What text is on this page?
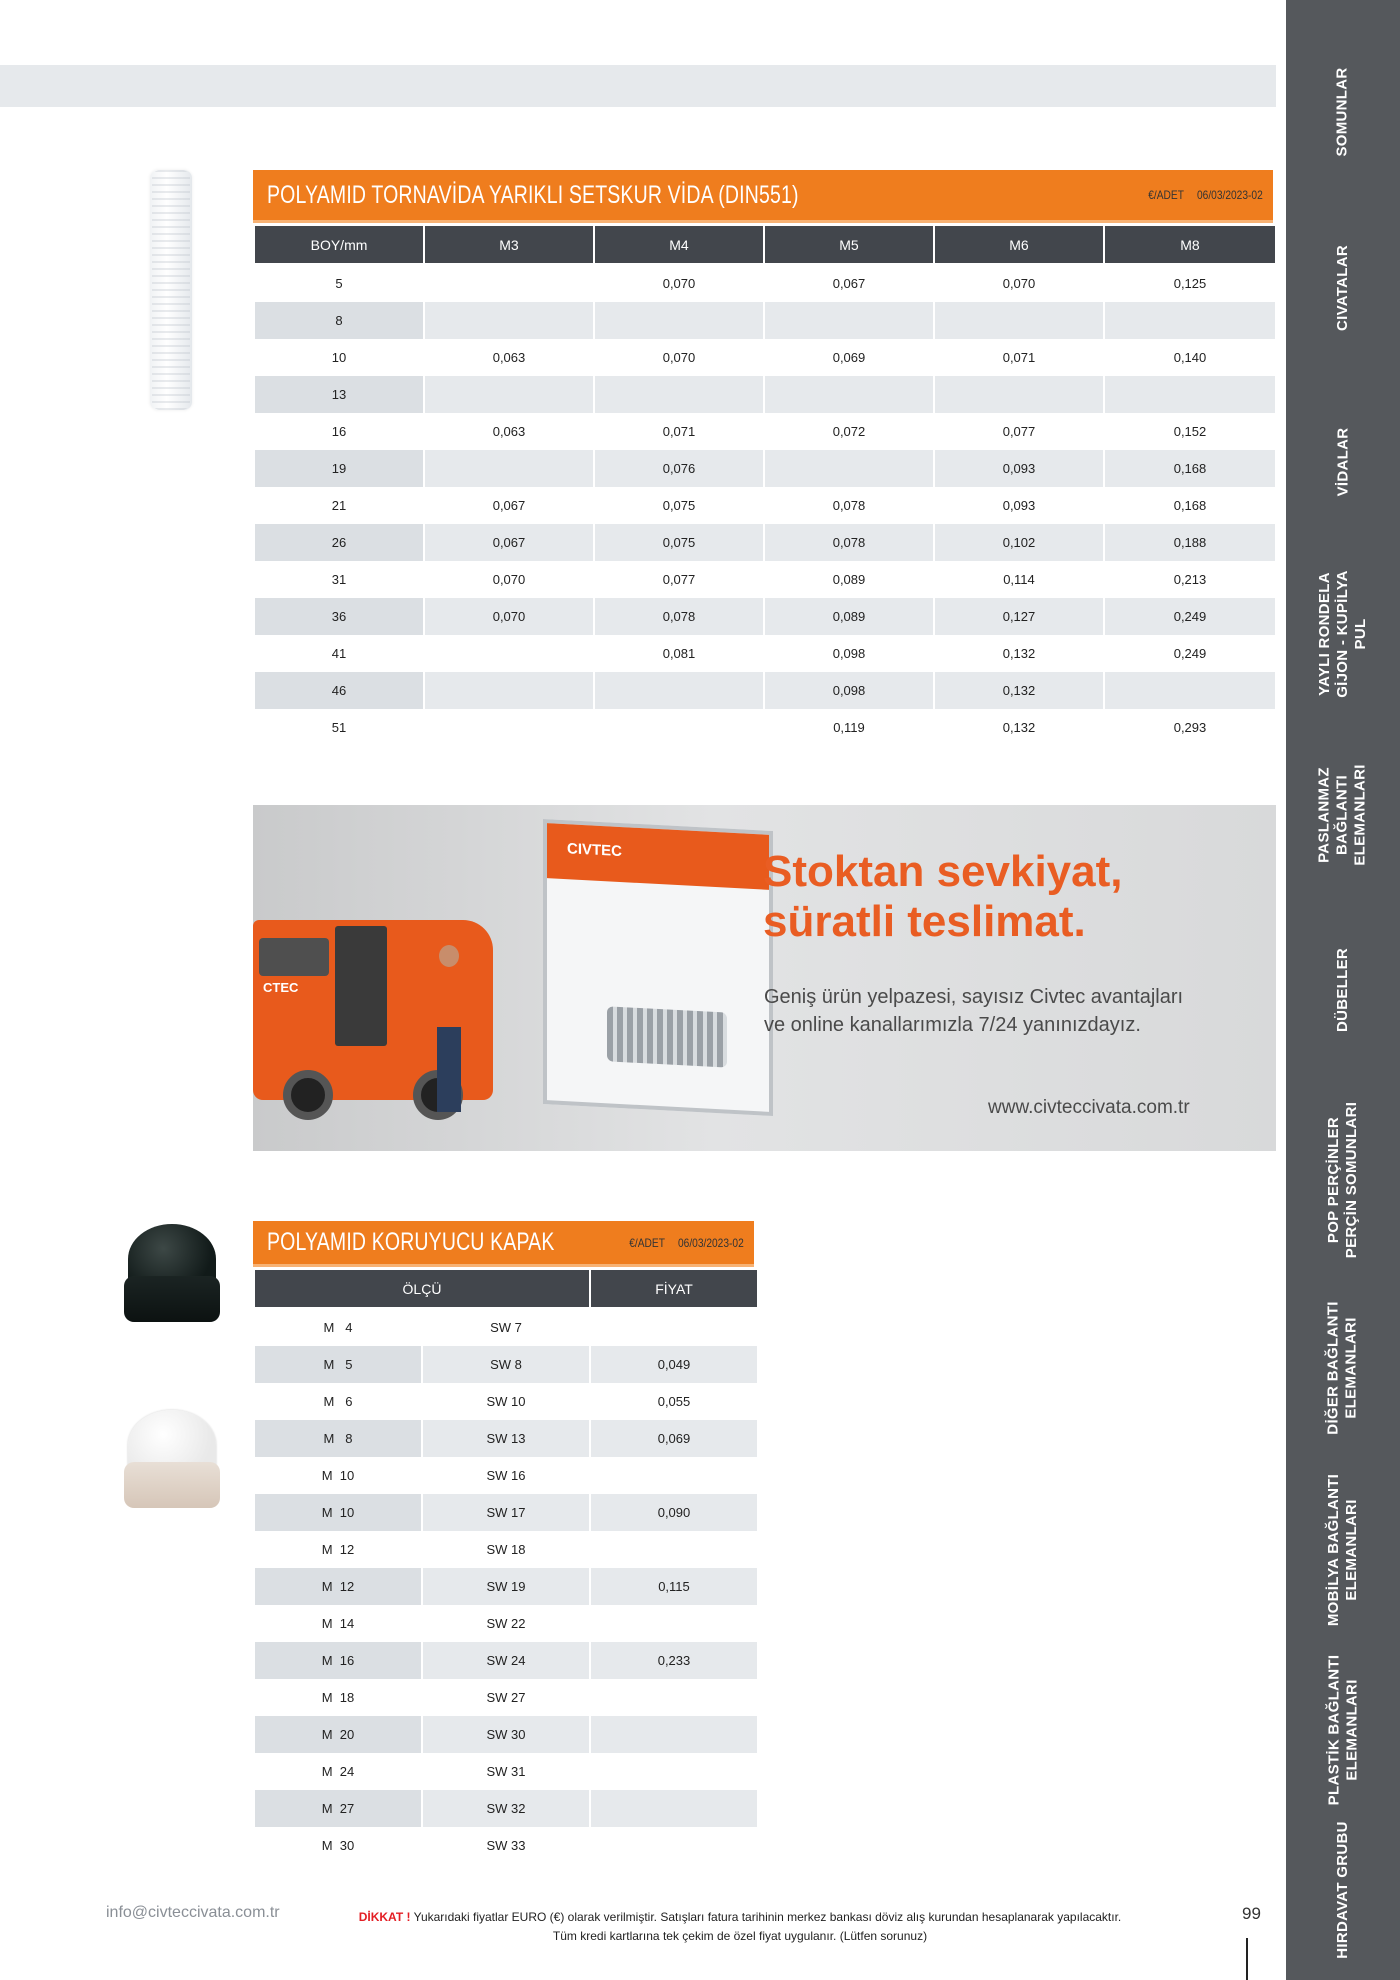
POLYAMID TORNAVİDA YARIKLI SETSKUR VİDA (DIN551)	€/ADET 06/03/2023-02
BOY/mm	M3	M4	M5	M6	M8
5		0,070	0,067	0,070	0,125
8					
10	0,063	0,070	0,069	0,071	0,140
13					
16	0,063	0,071	0,072	0,077	0,152
19		0,076		0,093	0,168
21	0,067	0,075	0,078	0,093	0,168
26	0,067	0,075	0,078	0,102	0,188
31	0,070	0,077	0,089	0,114	0,213
36	0,070	0,078	0,089	0,127	0,249
41		0,081	0,098	0,132	0,249
46			0,098	0,132	
51			0,119	0,132	0,293
CTEC
CIVTEC	Stoktan sevkiyat,
süratli teslimat.
Geniş ürün yelpazesi, sayısız Civtec avantajları
ve online kanallarımızla 7/24 yanınızdayız.
www.civteccivata.com.tr
POLYAMID KORUYUCU KAPAK	€/ADET 06/03/2023-02
ÖLÇÜ		FİYAT
M   4	SW 7	
M   5	SW 8	0,049
M   6	SW 10	0,055
M   8	SW 13	0,069
M  10	SW 16	
M  10	SW 17	0,090
M  12	SW 18	
M  12	SW 19	0,115
M  14	SW 22	
M  16	SW 24	0,233
M  18	SW 27	
M  20	SW 30	
M  24	SW 31	
M  27	SW 32	
M  30	SW 33	
SOMUNLAR
CIVATALAR
VİDALAR
YAYLI RONDELA
GİJON - KUPİLYA
PUL
PASLANMAZ
BAĞLANTI
ELEMANLARI
DÜBELLER
POP PERÇİNLER
PERÇİN SOMUNLARI
DİĞER BAĞLANTI
ELEMANLARI
MOBİLYA BAĞLANTI
ELEMANLARI
PLASTİK BAĞLANTI
ELEMANLARI
HIRDAVAT GRUBU
info@civteccivata.com.tr	DİKKAT ! Yukarıdaki fiyatlar EURO (€) olarak verilmiştir. Satışları fatura tarihinin merkez bankası döviz alış kurundan hesaplanarak yapılacaktır.
Tüm kredi kartlarına tek çekim de özel fiyat uygulanır. (Lütfen sorunuz)
99
